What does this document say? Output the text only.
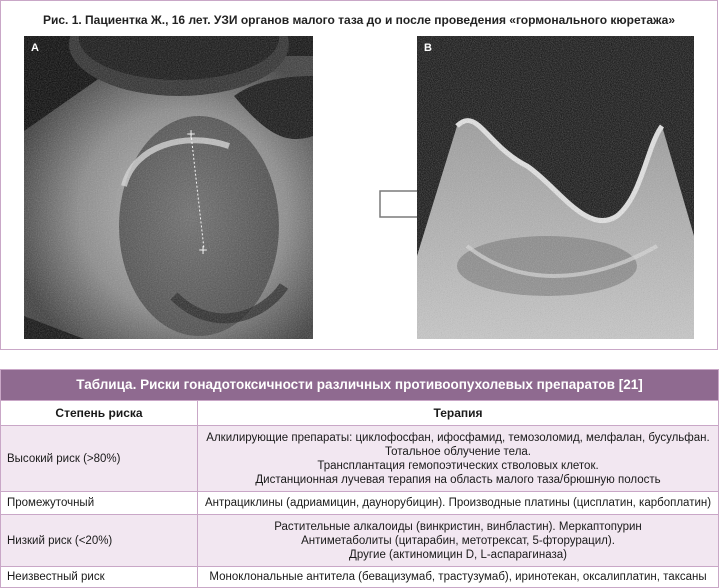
Рис. 1. Пациентка Ж., 16 лет. УЗИ органов малого таза до и после проведения «гормонального кюретажа»
A	B
Таблица. Риски гонадотоксичности различных противоопухолевых препаратов [21]	
Степень риска	Терапия
Высокий риск (>80%)	Алкилирующие препараты: циклофосфан, ифосфамид, темозоломид, мелфалан, бусульфан.
Тотальное облучение тела.
Трансплантация гемопоэтических стволовых клеток.
Дистанционная лучевая терапия на область малого таза/брюшную полость

Промежуточный	Антрациклины (адриамицин, даунорубицин). Производные платины (цисплатин, карбоплатин)

Низкий риск (<20%)	Растительные алкалоиды (винкристин, винбластин). Меркаптопурин
Антиметаболиты (цитарабин, метотрексат, 5-фторурацил).
Другие (актиномицин D, L-аспарагиназа)

Неизвестный риск	Моноклональные антитела (бевацизумаб, трастузумаб), иринотекан, оксалиплатин, таксаны
